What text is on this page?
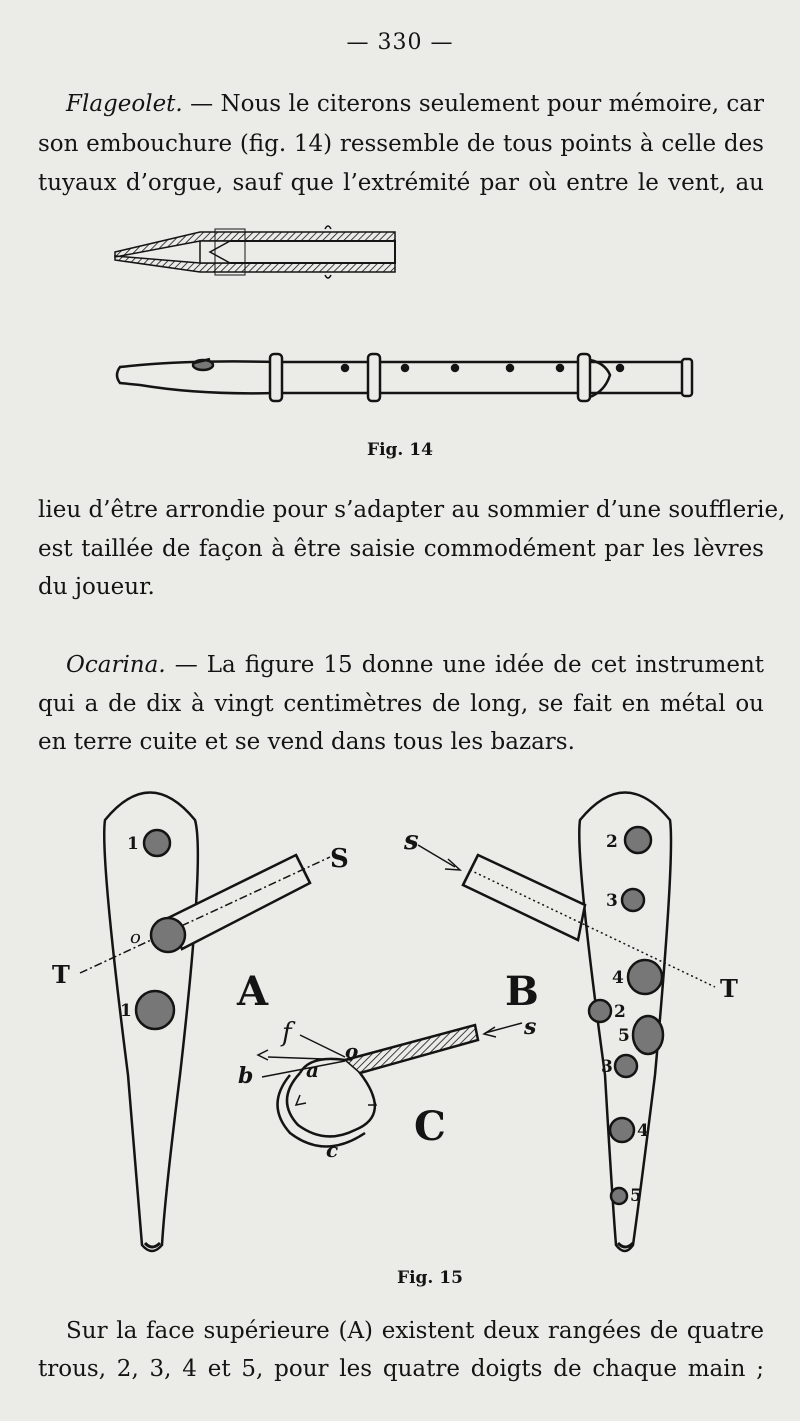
— 330 —
Flageolet. — Nous le citerons seulement pour mémoire, car
son embouchure (fig. 14) ressemble de tous points à celle des
tuyaux d’orgue, sauf que l’extrémité par où entre le vent, au
Fig. 14
lieu d’être arrondie pour s’adapter au sommier d’une soufflerie,
est taillée de façon à être saisie commodément par les lèvres
du joueur.
Ocarina. — La figure 15 donne une idée de cet instrument
qui a de dix à vingt centimètres de long, se fait en métal ou
en terre cuite et se vend dans tous les bazars.
1
1
o
S
T	A
2
3
4
2
5
3
4
5
s
T
B
f
b	a
o
c
s
C
Fig. 15
Sur la face supérieure (A) existent deux rangées de quatre
trous, 2, 3, 4 et 5, pour les quatre doigts de chaque main ;
